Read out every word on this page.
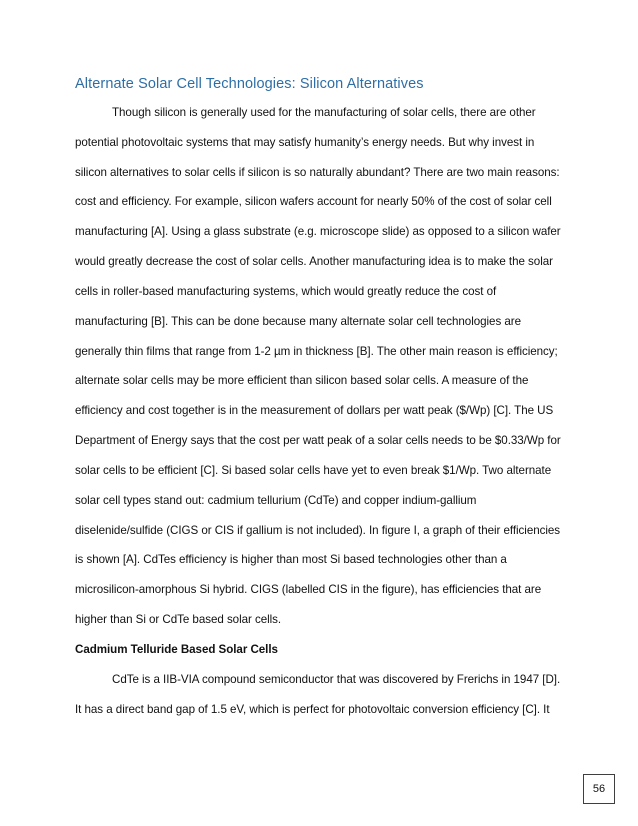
Alternate Solar Cell Technologies: Silicon Alternatives
Though silicon is generally used for the manufacturing of solar cells, there are other
potential photovoltaic systems that may satisfy humanity’s energy needs. But why invest in
silicon alternatives to solar cells if silicon is so naturally abundant? There are two main reasons:
cost and efficiency. For example, silicon wafers account for nearly 50% of the cost of solar cell
manufacturing [A]. Using a glass substrate (e.g. microscope slide) as opposed to a silicon wafer
would greatly decrease the cost of solar cells. Another manufacturing idea is to make the solar
cells in roller-based manufacturing systems, which would greatly reduce the cost of
manufacturing [B]. This can be done because many alternate solar cell technologies are
generally thin films that range from 1-2 µm in thickness [B]. The other main reason is efficiency;
alternate solar cells may be more efficient than silicon based solar cells. A measure of the
efficiency and cost together is in the measurement of dollars per watt peak ($/Wp) [C]. The US
Department of Energy says that the cost per watt peak of a solar cells needs to be $0.33/Wp for
solar cells to be efficient [C]. Si based solar cells have yet to even break $1/Wp. Two alternate
solar cell types stand out: cadmium tellurium (CdTe) and copper indium-gallium
diselenide/sulfide (CIGS or CIS if gallium is not included). In figure I, a graph of their efficiencies
is shown [A]. CdTes efficiency is higher than most Si based technologies other than a
microsilicon-amorphous Si hybrid. CIGS (labelled CIS in the figure), has efficiencies that are
higher than Si or CdTe based solar cells.
Cadmium Telluride Based Solar Cells
CdTe is a IIB-VIA compound semiconductor that was discovered by Frerichs in 1947 [D].
It has a direct band gap of 1.5 eV, which is perfect for photovoltaic conversion efficiency [C]. It
56
